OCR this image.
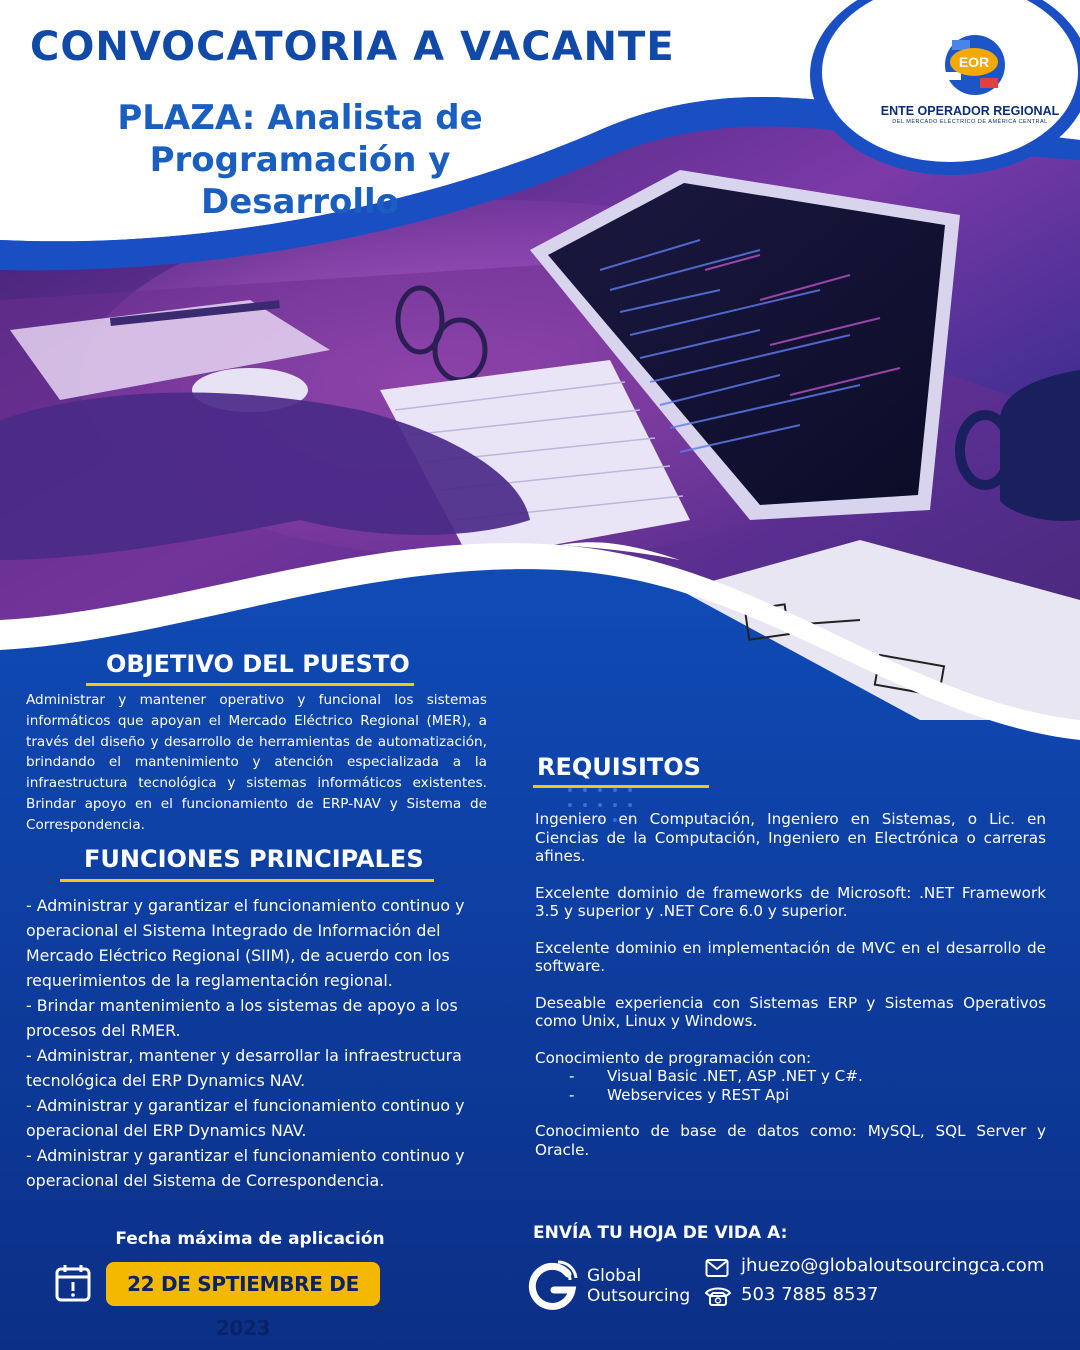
CONVOCATORIA A VACANTE
PLAZA: Analista de
Programación y
Desarrollo
EOR
ENTE OPERADOR REGIONAL
DEL MERCADO ELÉCTRICO DE AMÉRICA CENTRAL
OBJETIVO DEL PUESTO
Administrar y mantener operativo y funcional los sistemas informáticos que apoyan el Mercado Eléctrico Regional (MER), a través del diseño y desarrollo de herramientas de automatización, brindando el mantenimiento y atención especializada a la infraestructura tecnológica y sistemas informáticos existentes. Brindar apoyo en el funcionamiento de ERP-NAV y Sistema de Correspondencia.
FUNCIONES PRINCIPALES
- Administrar y garantizar el funcionamiento continuo y operacional el Sistema Integrado de Información del Mercado Eléctrico Regional (SIIM), de acuerdo con los requerimientos de la reglamentación regional.
- Brindar mantenimiento a los sistemas de apoyo a los procesos del RMER.
- Administrar, mantener y desarrollar la infraestructura tecnológica del ERP Dynamics NAV.
- Administrar y garantizar el funcionamiento continuo y operacional del ERP Dynamics NAV.
- Administrar y garantizar el funcionamiento continuo y operacional del Sistema de Correspondencia.
REQUISITOS
Ingeniero en Computación, Ingeniero en Sistemas, o Lic. en Ciencias de la Computación, Ingeniero en Electrónica o carreras afines.
Excelente dominio de frameworks de Microsoft: .NET Framework 3.5 y superior y .NET Core 6.0 y superior.
Excelente dominio en implementación de MVC en el desarrollo de software.
Deseable experiencia con Sistemas ERP y Sistemas Operativos como Unix, Linux y Windows.
Conocimiento de programación con:
-	Visual Basic .NET, ASP .NET y C#.
-	Webservices y REST Api
Conocimiento de base de datos como: MySQL, SQL Server y Oracle.
Fecha máxima de aplicación
22 DE SPTIEMBRE DE 2023
ENVÍA TU HOJA DE VIDA A:
Global
Outsourcing
jhuezo@globaloutsourcingca.com
503 7885 8537
